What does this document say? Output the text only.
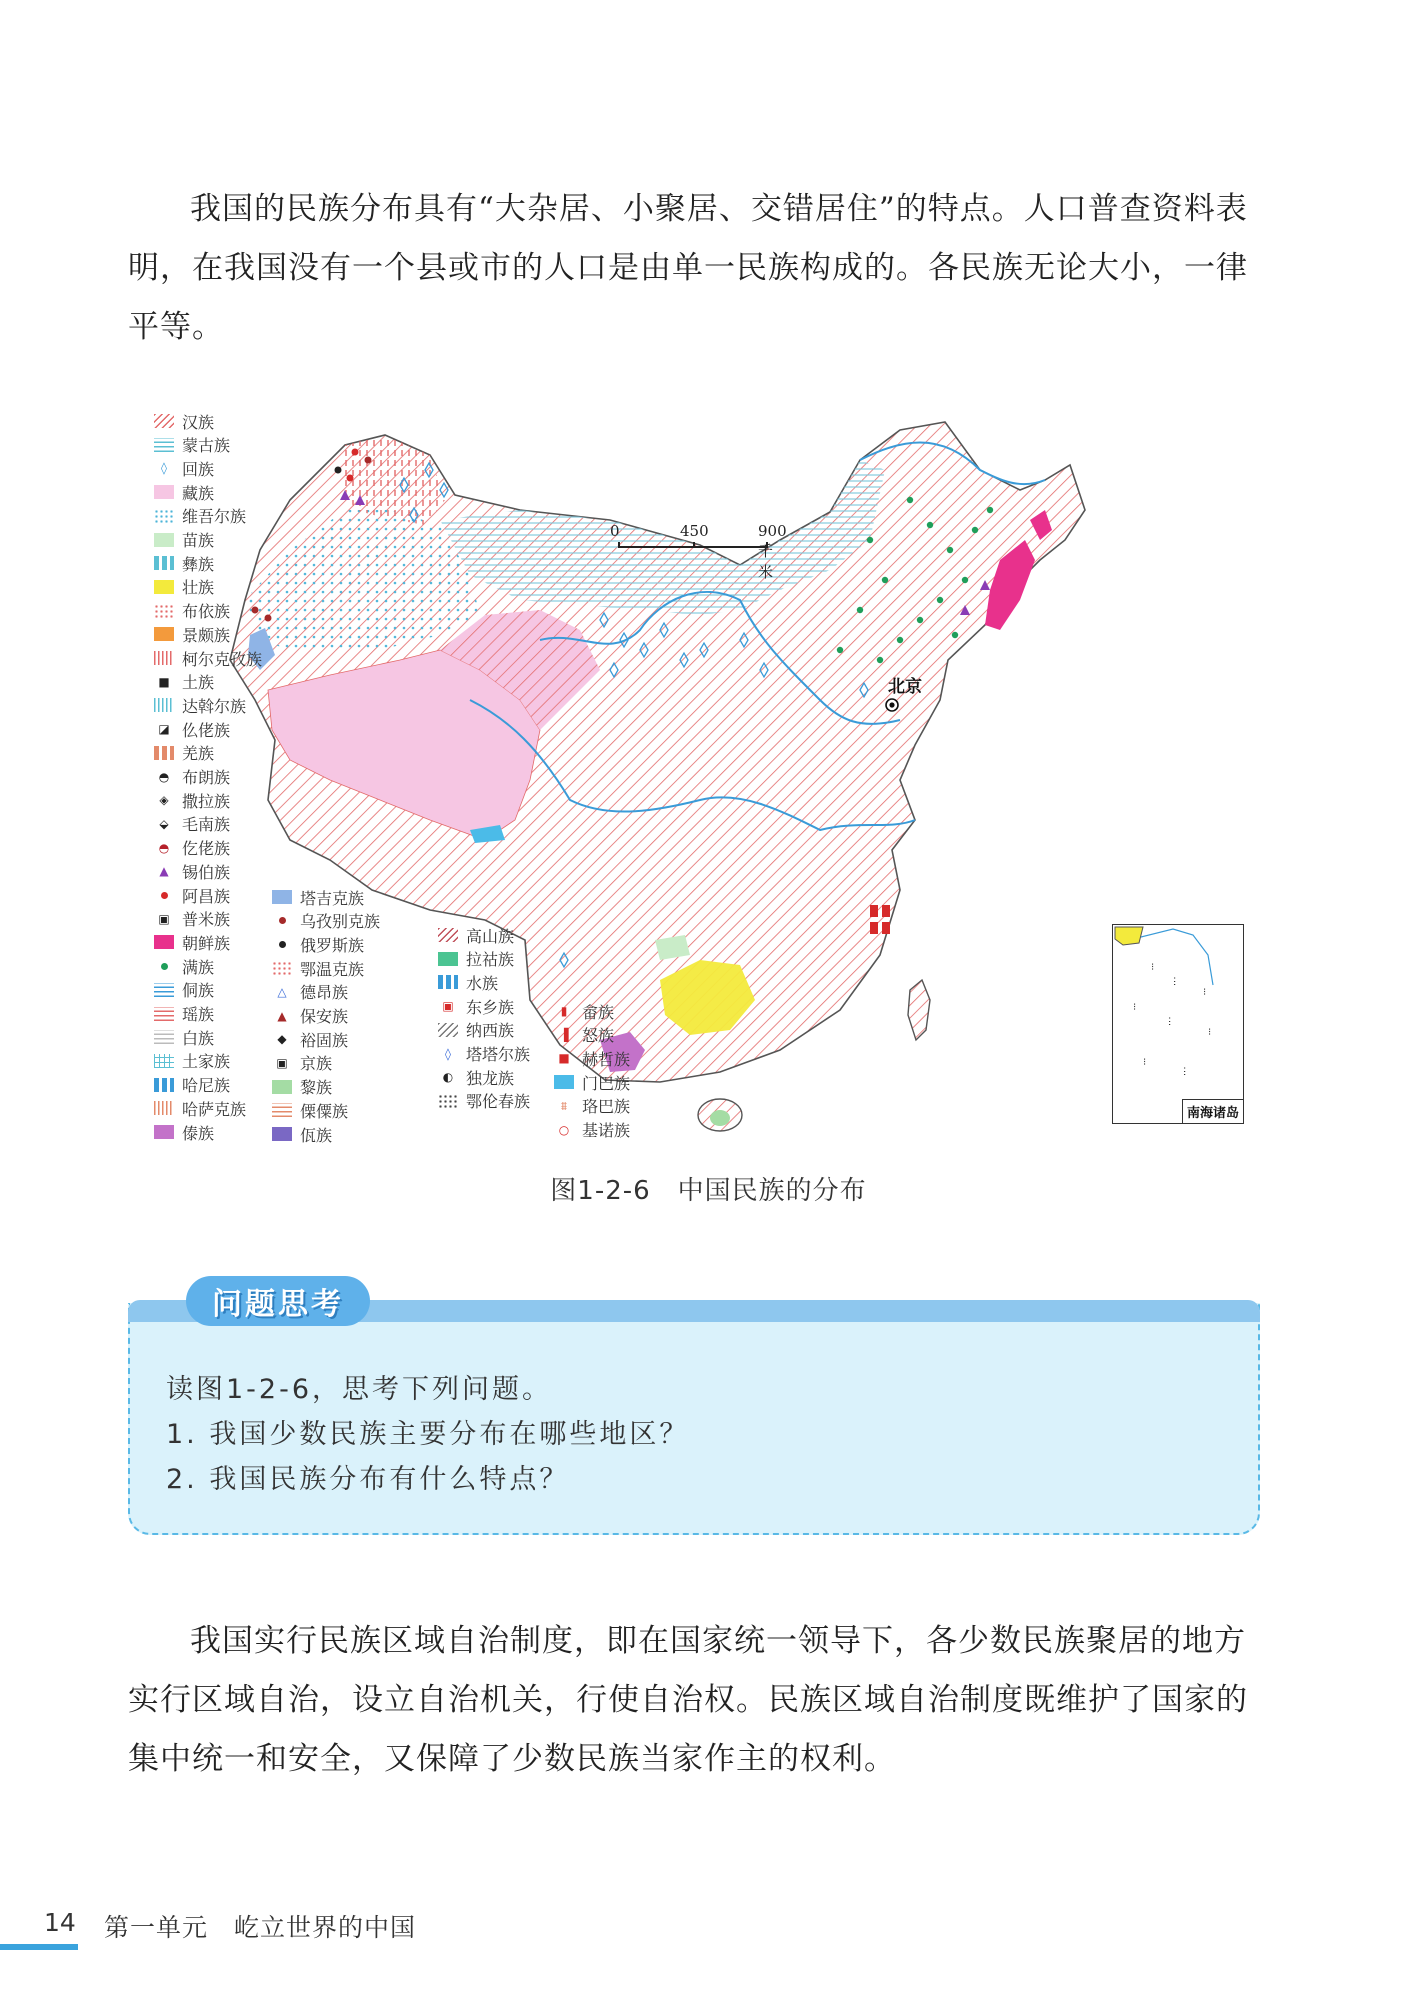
我国的民族分布具有“大杂居、小聚居、交错居住”的特点。人口普查资料表明，在我国没有一个县或市的人口是由单一民族构成的。各民族无论大小，一律平等。
0	450	900千米
北京
⁝
ⵗ
⁝
⁝
ⵗ
⁝
⁝
ⵗ
南海诸岛
汉族
蒙古族
◊ 回族
藏族
维吾尔族
苗族
彝族
壮族
布依族
景颇族
柯尔克孜族
■ 土族
达斡尔族
◪ 仫佬族
羌族
◓ 布朗族
◈ 撒拉族
⬙ 毛南族
◓ 仡佬族
▲ 锡伯族
阿昌族
▣ 普米族
朝鲜族
满族
侗族
瑶族
白族
土家族
哈尼族
哈萨克族
傣族
塔吉克族
乌孜别克族
俄罗斯族
鄂温克族
△ 德昂族
▲ 保安族
◆ 裕固族
▣ 京族
黎族
傈僳族
佤族
高山族
拉祜族
水族
▣ 东乡族
纳西族
◊ 塔塔尔族
◐ 独龙族
鄂伦春族
▮ 畲族
▐ 怒族
■ 赫哲族
门巴族
⩩ 珞巴族
○ 基诺族
图1-2-6　中国民族的分布
问题思考
读图1-2-6，思考下列问题。
1. 我国少数民族主要分布在哪些地区？
2. 我国民族分布有什么特点？
我国实行民族区域自治制度，即在国家统一领导下，各少数民族聚居的地方实行区域自治，设立自治机关，行使自治权。民族区域自治制度既维护了国家的集中统一和安全，又保障了少数民族当家作主的权利。
14 第一单元　屹立世界的中国
